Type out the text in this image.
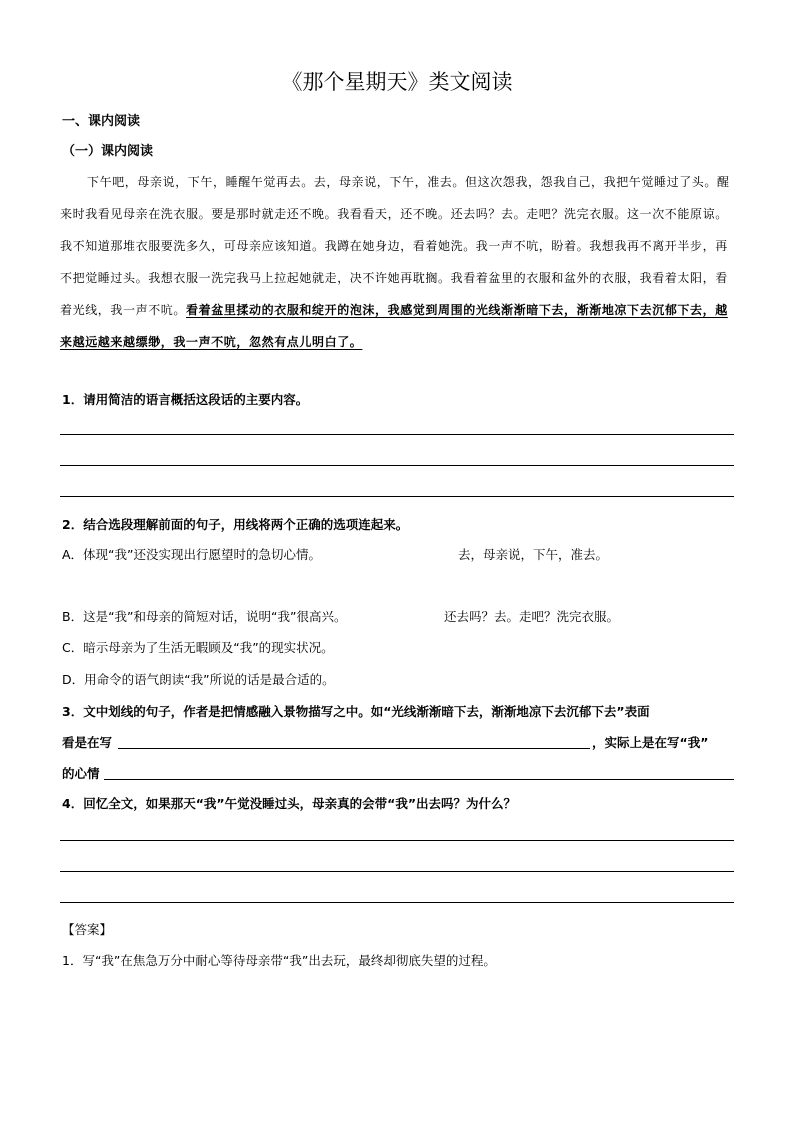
《那个星期天》类文阅读
一、课内阅读
（一）课内阅读
下午吧，母亲说，下午，睡醒午觉再去。去，母亲说，下午，准去。但这次怨我，怨我自己，我把午觉睡过了头。醒来时我看见母亲在洗衣服。要是那时就走还不晚。我看看天，还不晚。还去吗？去。走吧？洗完衣服。这一次不能原谅。我不知道那堆衣服要洗多久，可母亲应该知道。我蹲在她身边，看着她洗。我一声不吭，盼着。我想我再不离开半步，再不把觉睡过头。我想衣服一洗完我马上拉起她就走，决不许她再耽搁。我看着盆里的衣服和盆外的衣服，我看着太阳，看着光线，我一声不吭。看着盆里揉动的衣服和绽开的泡沫，我感觉到周围的光线渐渐暗下去，渐渐地凉下去沉郁下去，越来越远越来越缥缈，我一声不吭，忽然有点儿明白了。
1．请用简洁的语言概括这段话的主要内容。
2．结合选段理解前面的句子，用线将两个正确的选项连起来。
A．体现“我”还没实现出行愿望时的急切心情。	去，母亲说，下午，准去。
B．这是“我”和母亲的简短对话，说明“我”很高兴。	还去吗？去。走吧？洗完衣服。
C．暗示母亲为了生活无暇顾及“我”的现实状况。
D．用命令的语气朗读“我”所说的话是最合适的。
3．文中划线的句子，作者是把情感融入景物描写之中。如“光线渐渐暗下去，渐渐地凉下去沉郁下去”表面
看是在写	，实际上是在写“我”
的心情
4．回忆全文，如果那天“我”午觉没睡过头，母亲真的会带“我”出去吗？为什么？
【答案】
1．写“我”在焦急万分中耐心等待母亲带“我”出去玩，最终却彻底失望的过程。
